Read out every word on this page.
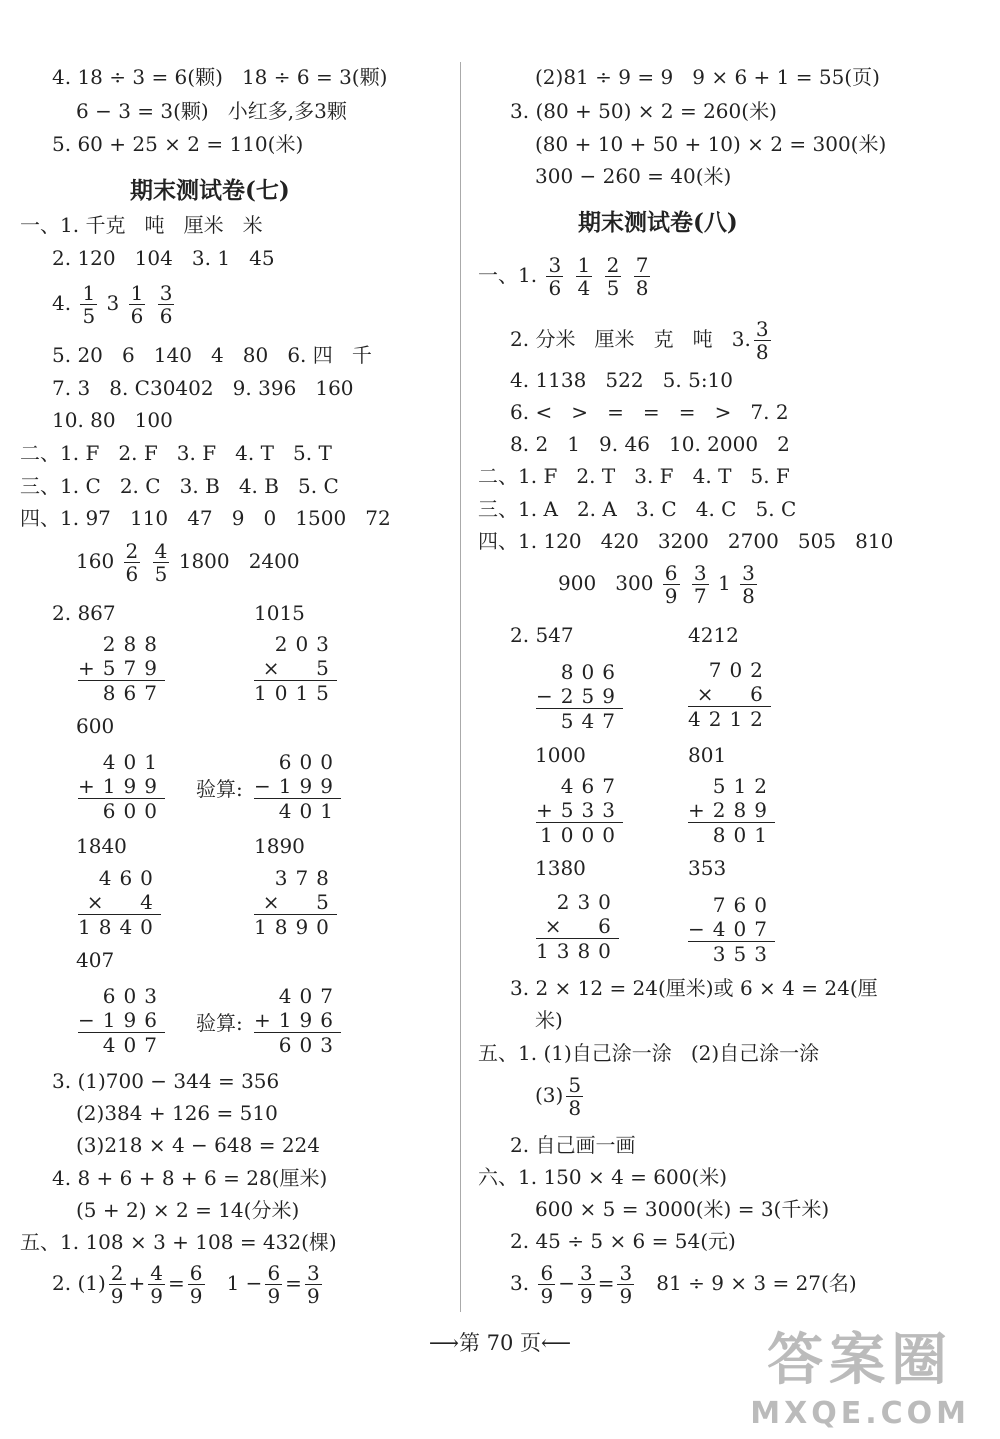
4. 18 ÷ 3 = 6(颗)   18 ÷ 6 = 3(颗)
6 − 3 = 3(颗)   小红多,多3颗
5. 60 + 25 × 2 = 110(米)
期末测试卷(七)
一、1. 千克   吨   厘米   米
2. 120   104   3. 1   45
4. $\frac{1}{5} 3 \frac{1}{6}$
$\frac{3}{6}$
5. 20   6   140   4   80   6. 四   千
7. 3   8. C30402   9. 396   160
10. 80   100
二、1. F   2. F   3. F   4. T   5. T
三、1. C   2. C   3. B   4. B   5. C
四、1. 97   110   47   9   0   1500   72
$160 \frac{2}{6}$
$\frac{4}{5} 1800$   2400
2. 867	1015
288
+579
867
203
×  5
1015
600
401
+199
600
验算:
600
−199
401
1840	1890
460
×  4
1840
378
×  5
1890
407
603
−196
407
验算:
407
+196
603
3. (1)700 − 344 = 356
(2)384 + 126 = 510
(3)218 × 4 − 648 = 224
4. 8 + 6 + 8 + 6 = 28(厘米)
(5 + 2) × 2 = 14(分米)
五、1. 108 × 3 + 108 = 432(棵)
2. $(1) \frac{2}{9} + \frac{4}{9} = \frac{6}{9} 1 - \frac{6}{9} = \frac{3}{9}$
(2)81 ÷ 9 = 9   9 × 6 + 1 = 55(页)
3. (80 + 50) × 2 = 260(米)
(80 + 10 + 50 + 10) × 2 = 300(米)
300 − 260 = 40(米)
期末测试卷(八)
一、1. $\frac{3}{6}$
$\frac{1}{4}$
$\frac{2}{5}$
$\frac{7}{8}$
2. 分米   厘米   克   吨   3. $\frac{3}{8}$
4. 1138   522   5. 5:10
6. <   >   =   =   =   >   7. 2
8. 2   1   9. 46   10. 2000   2
二、1. F   2. T   3. F   4. T   5. F
三、1. A   2. A   3. C   4. C   5. C
四、1. 120   420   3200   2700   505   810
900   $300 \frac{6}{9}$
$\frac{3}{7} 1 \frac{3}{8}$
2. 547	4212
806
−259
547
702
×  6
4212
1000	801
467
+533
1000
512
+289
801
1380	353
230
×  6
1380
760
−407
353
3. 2 × 12 = 24(厘米)或 6 × 4 = 24(厘
米)
五、1. (1)自己涂一涂   (2)自己涂一涂
$(3) \frac{5}{8}$
2. 自己画一画
六、1. 150 × 4 = 600(米)
600 × 5 = 3000(米) = 3(千米)
2. 45 ÷ 5 × 6 = 54(元)
3. $\frac{6}{9} - \frac{3}{9} = \frac{3}{9} 81 \div 9 \times 3 = 27$(名)
⟶第 70 页⟵	答案圈
MXQE.COM
